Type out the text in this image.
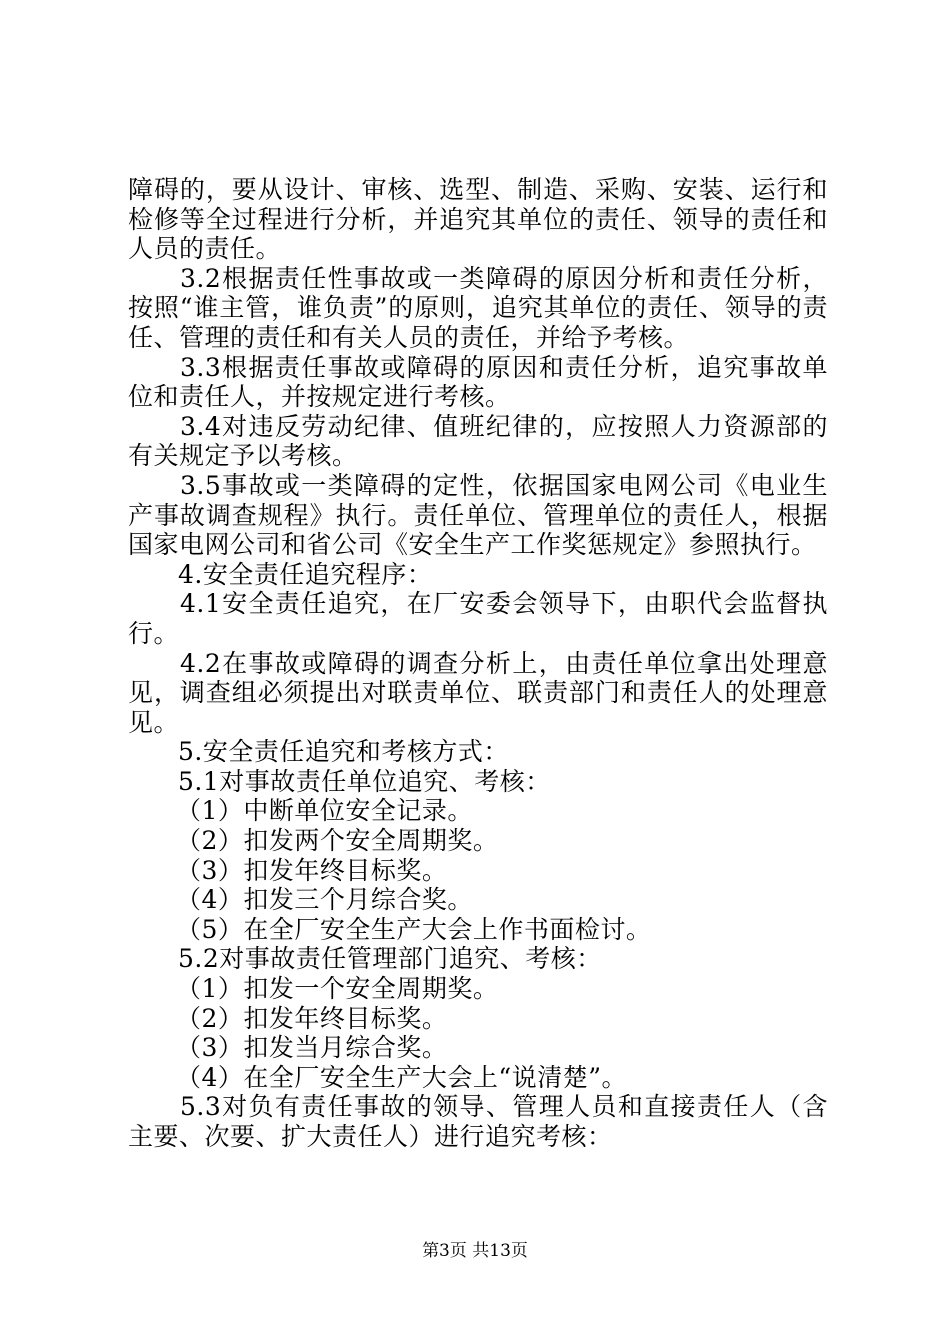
障碍的，要从设计、审核、选型、制造、采购、安装、运行和检修等全过程进行分析，并追究其单位的责任、领导的责任和人员的责任。

3.2根据责任性事故或一类障碍的原因分析和责任分析，按照“谁主管，谁负责”的原则，追究其单位的责任、领导的责任、管理的责任和有关人员的责任，并给予考核。

3.3根据责任事故或障碍的原因和责任分析，追究事故单位和责任人，并按规定进行考核。

3.4对违反劳动纪律、值班纪律的，应按照人力资源部的有关规定予以考核。

3.5事故或一类障碍的定性，依据国家电网公司《电业生产事故调查规程》执行。责任单位、管理单位的责任人，根据国家电网公司和省公司《安全生产工作奖惩规定》参照执行。

4.安全责任追究程序：

4.1安全责任追究，在厂安委会领导下，由职代会监督执行。

4.2在事故或障碍的调查分析上，由责任单位拿出处理意见，调查组必须提出对联责单位、联责部门和责任人的处理意见。

5.安全责任追究和考核方式：

5.1对事故责任单位追究、考核：

（1）中断单位安全记录。

（2）扣发两个安全周期奖。

（3）扣发年终目标奖。

（4）扣发三个月综合奖。

（5）在全厂安全生产大会上作书面检讨。

5.2对事故责任管理部门追究、考核：

（1）扣发一个安全周期奖。

（2）扣发年终目标奖。

（3）扣发当月综合奖。

（4）在全厂安全生产大会上“说清楚”。

5.3对负有责任事故的领导、管理人员和直接责任人（含主要、次要、扩大责任人）进行追究考核：

第3页 共13页
